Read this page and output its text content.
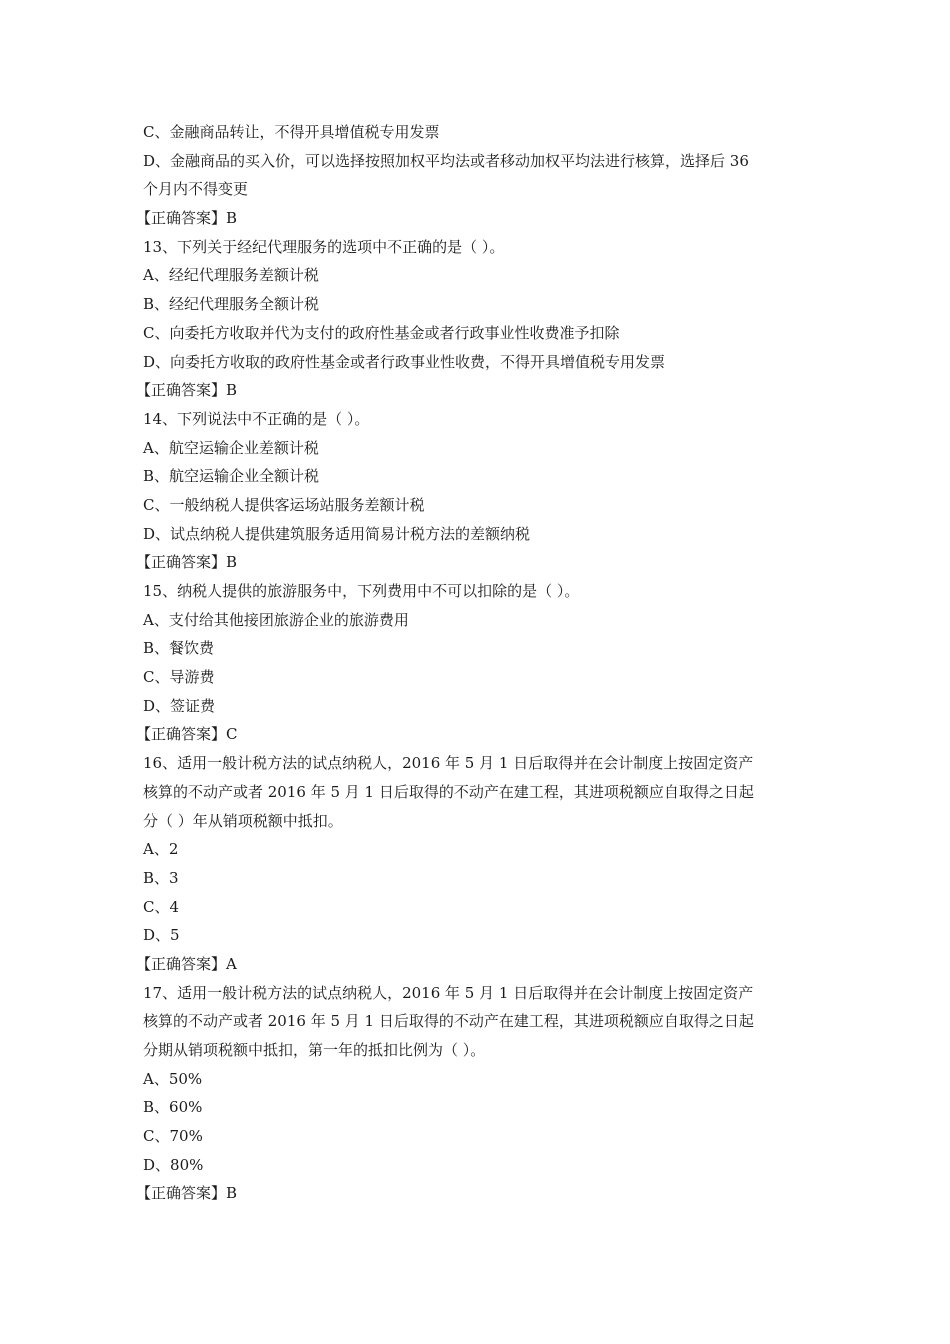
C、金融商品转让，不得开具增值税专用发票
D、金融商品的买入价，可以选择按照加权平均法或者移动加权平均法进行核算，选择后 36
个月内不得变更
【正确答案】B
13、下列关于经纪代理服务的选项中不正确的是（ ）。
A、经纪代理服务差额计税
B、经纪代理服务全额计税
C、向委托方收取并代为支付的政府性基金或者行政事业性收费准予扣除
D、向委托方收取的政府性基金或者行政事业性收费，不得开具增值税专用发票
【正确答案】B
14、下列说法中不正确的是（ ）。
A、航空运输企业差额计税
B、航空运输企业全额计税
C、一般纳税人提供客运场站服务差额计税
D、试点纳税人提供建筑服务适用简易计税方法的差额纳税
【正确答案】B
15、纳税人提供的旅游服务中，下列费用中不可以扣除的是（ ）。
A、支付给其他接团旅游企业的旅游费用
B、餐饮费
C、导游费
D、签证费
【正确答案】C
16、适用一般计税方法的试点纳税人，2016 年 5 月 1 日后取得并在会计制度上按固定资产
核算的不动产或者 2016 年 5 月 1 日后取得的不动产在建工程，其进项税额应自取得之日起
分（ ）年从销项税额中抵扣。
A、2
B、3
C、4
D、5
【正确答案】A
17、适用一般计税方法的试点纳税人，2016 年 5 月 1 日后取得并在会计制度上按固定资产
核算的不动产或者 2016 年 5 月 1 日后取得的不动产在建工程，其进项税额应自取得之日起
分期从销项税额中抵扣，第一年的抵扣比例为（ ）。
A、50%
B、60%
C、70%
D、80%
【正确答案】B
